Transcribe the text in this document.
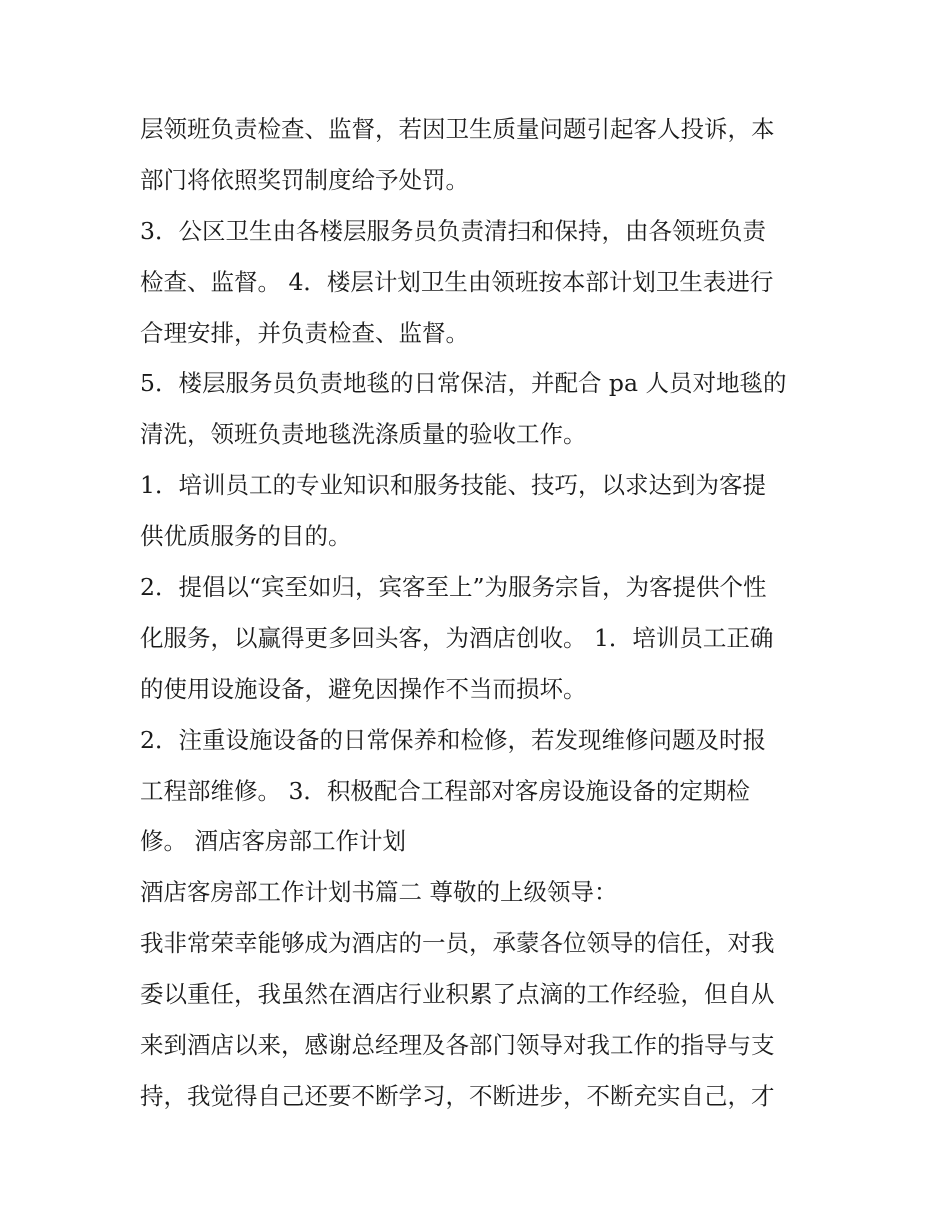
层领班负责检查、监督，若因卫生质量问题引起客人投诉，本
部门将依照奖罚制度给予处罚。
3．公区卫生由各楼层服务员负责清扫和保持，由各领班负责
检查、监督。 4．楼层计划卫生由领班按本部计划卫生表进行
合理安排，并负责检查、监督。
5．楼层服务员负责地毯的日常保洁，并配合 pa 人员对地毯的
清洗，领班负责地毯洗涤质量的验收工作。
1．培训员工的专业知识和服务技能、技巧，以求达到为客提
供优质服务的目的。
2．提倡以“宾至如归，宾客至上”为服务宗旨，为客提供个性
化服务，以赢得更多回头客，为酒店创收。 1．培训员工正确
的使用设施设备，避免因操作不当而损坏。
2．注重设施设备的日常保养和检修，若发现维修问题及时报
工程部维修。 3．积极配合工程部对客房设施设备的定期检
修。 酒店客房部工作计划
酒店客房部工作计划书篇二 尊敬的上级领导：
我非常荣幸能够成为酒店的一员，承蒙各位领导的信任，对我
委以重任，我虽然在酒店行业积累了点滴的工作经验，但自从
来到酒店以来，感谢总经理及各部门领导对我工作的指导与支
持，我觉得自己还要不断学习，不断进步，不断充实自己，才
